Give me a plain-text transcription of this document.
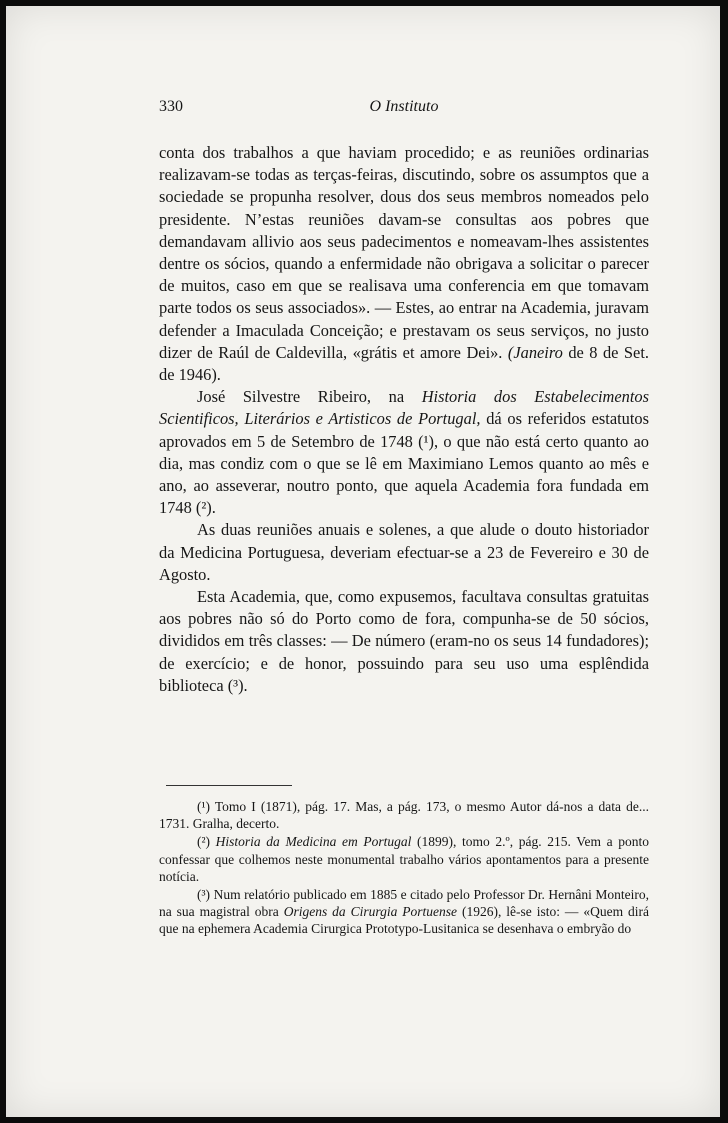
330	O Instituto

conta dos trabalhos a que haviam procedido; e as reuniões ordinarias realizavam-se todas as terças-feiras, discutindo, sobre os assumptos que a sociedade se propunha resolver, dous dos seus membros nomeados pelo presidente. N’estas reuniões davam-se consultas aos pobres que demandavam allivio aos seus padecimentos e nomeavam-lhes assistentes dentre os sócios, quando a enfermidade não obrigava a solicitar o parecer de muitos, caso em que se realisava uma conferencia em que tomavam parte todos os seus associados». — Estes, ao entrar na Academia, juravam defender a Imaculada Conceição; e prestavam os seus serviços, no justo dizer de Raúl de Caldevilla, «grátis et amore Dei». (Janeiro de 8 de Set. de 1946).

José Silvestre Ribeiro, na Historia dos Estabelecimentos Scientificos, Literários e Artisticos de Portugal, dá os referidos estatutos aprovados em 5 de Setembro de 1748 (¹), o que não está certo quanto ao dia, mas condiz com o que se lê em Maximiano Lemos quanto ao mês e ano, ao asseverar, noutro ponto, que aquela Academia fora fundada em 1748 (²).

As duas reuniões anuais e solenes, a que alude o douto historiador da Medicina Portuguesa, deveriam efectuar-se a 23 de Fevereiro e 30 de Agosto.

Esta Academia, que, como expusemos, facultava consultas gratuitas aos pobres não só do Porto como de fora, compunha-se de 50 sócios, divididos em três classes: — De número (eram-no os seus 14 fundadores); de exercício; e de honor, possuindo para seu uso uma esplêndida biblioteca (³).

(¹) Tomo I (1871), pág. 17. Mas, a pág. 173, o mesmo Autor dá-nos a data de... 1731. Gralha, decerto.

(²) Historia da Medicina em Portugal (1899), tomo 2.º, pág. 215. Vem a ponto confessar que colhemos neste monumental trabalho vários apontamentos para a presente notícia.

(³) Num relatório publicado em 1885 e citado pelo Professor Dr. Hernâni Monteiro, na sua magistral obra Origens da Cirurgia Portuense (1926), lê-se isto: — «Quem dirá que na ephemera Academia Cirurgica Prototypo-Lusitanica se desenhava o embryão do
